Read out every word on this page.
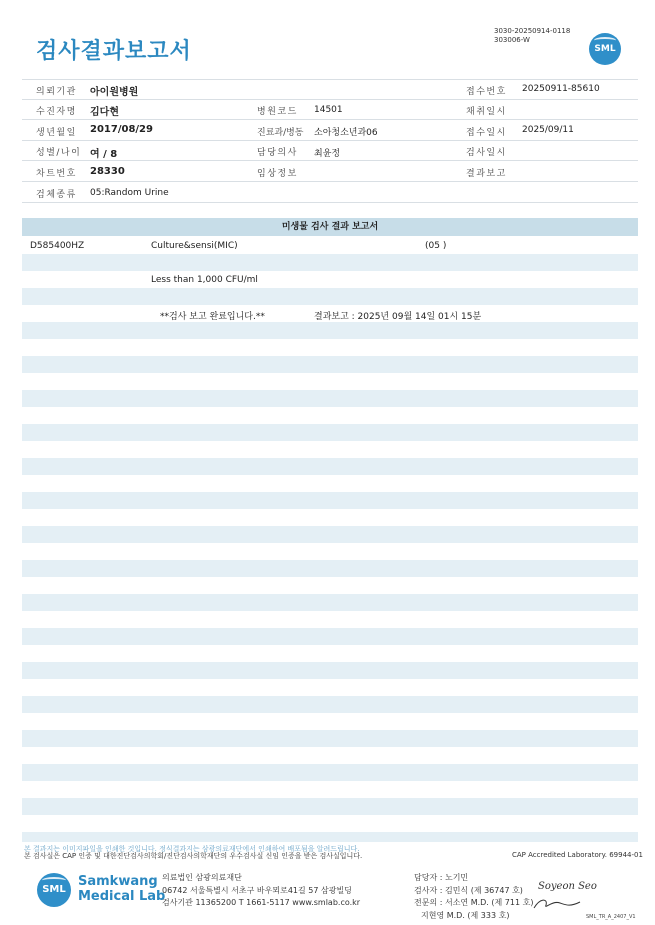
검사결과보고서
3030-20250914-0118
303006-W
SML
의뢰기관 아이원병원	접수번호 20250911-85610
수진자명 김다현	병원코드 14501	채취일시
생년월일 2017/08/29	진료과/병동 소아청소년과06	접수일시 2025/09/11
성별/나이 여 / 8	담당의사 최윤정	검사일시
차트번호 28330	임상정보	결과보고
검체종류 05:Random Urine
미생물 검사 결과 보고서
D585400HZ	Culture&sensi(MIC)	(05 )
Less than 1,000 CFU/ml
**검사 보고 완료입니다.**	결과보고 : 2025년 09월 14일 01시 15분
본 결과지는 이미지파일을 인쇄한 것입니다. 정식결과지는 삼광의료재단에서 인쇄하여 배포됨을 알려드립니다.
본 검사실은 CAP 인증 및 대한진단검사의학회/진단검사의학재단의 우수검사실 신임 인증을 받은 검사실입니다.	CAP Accredited Laboratory. 69944-01
SML
Samkwang
Medical Lab
의료법인 삼광의료재단
06742 서울특별시 서초구 바우뫼로41길 57 삼광빌딩
검사기관 11365200 T 1661-5117 www.smlab.co.kr
담당자 : 노기민
검사자 : 김민식 (제 36747 호)
전문의 : 서소연 M.D. (제 711 호)
지현영 M.D. (제 333 호)
Soyeon Seo
SML_TR_A_2407_V1
